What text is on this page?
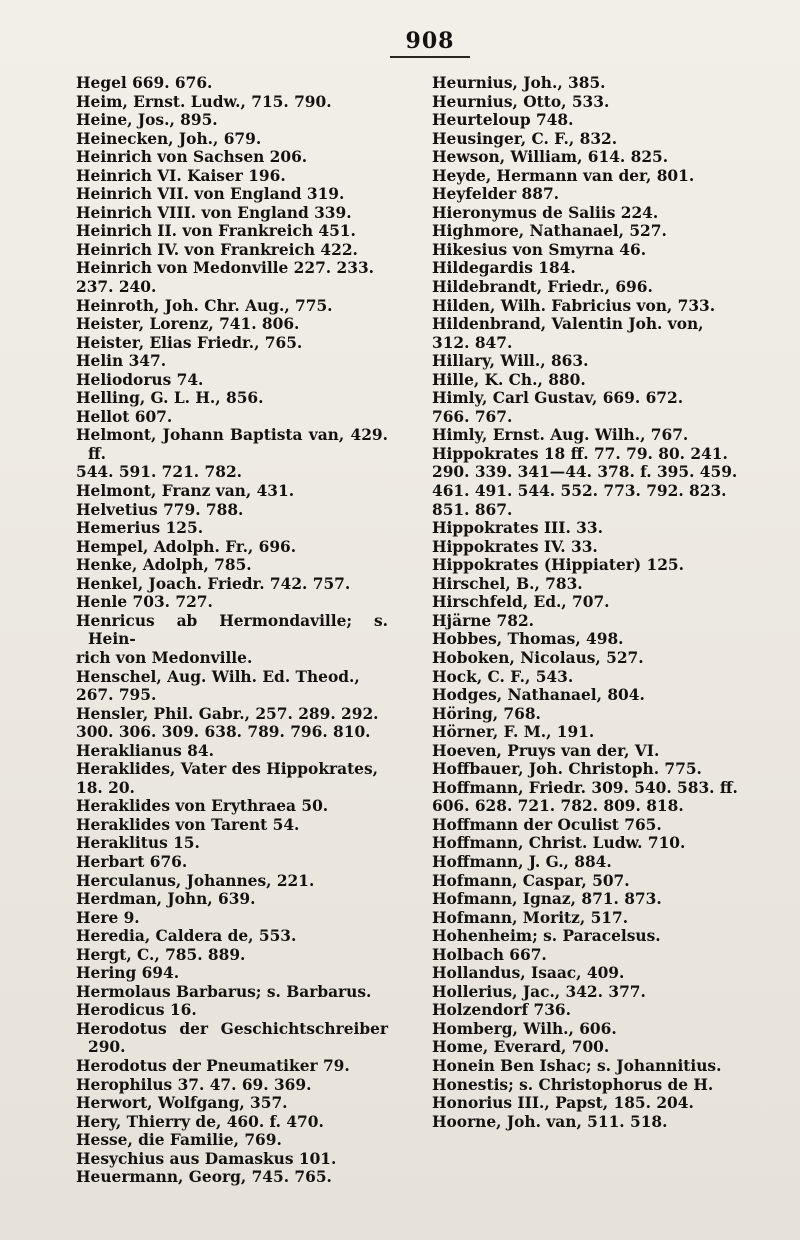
908
Hegel 669. 676.
Heim, Ernst. Ludw., 715. 790.
Heine, Jos., 895.
Heinecken, Joh., 679.
Heinrich von Sachsen 206.
Heinrich VI. Kaiser 196.
Heinrich VII. von England 319.
Heinrich VIII. von England 339.
Heinrich II. von Frankreich 451.
Heinrich IV. von Frankreich 422.
Heinrich von Medonville 227. 233.
237. 240.
Heinroth, Joh. Chr. Aug., 775.
Heister, Lorenz, 741. 806.
Heister, Elias Friedr., 765.
Helin 347.
Heliodorus 74.
Helling, G. L. H., 856.
Hellot 607.
Helmont, Johann Baptista van, 429. ff.
544. 591. 721. 782.
Helmont, Franz van, 431.
Helvetius 779. 788.
Hemerius 125.
Hempel, Adolph. Fr., 696.
Henke, Adolph, 785.
Henkel, Joach. Friedr. 742. 757.
Henle 703. 727.
Henricus ab Hermondaville; s. Hein-
rich von Medonville.
Henschel, Aug. Wilh. Ed. Theod.,
267. 795.
Hensler, Phil. Gabr., 257. 289. 292.
300. 306. 309. 638. 789. 796. 810.
Heraklianus 84.
Heraklides, Vater des Hippokrates,
18. 20.
Heraklides von Erythraea 50.
Heraklides von Tarent 54.
Heraklitus 15.
Herbart 676.
Herculanus, Johannes, 221.
Herdman, John, 639.
Here 9.
Heredia, Caldera de, 553.
Hergt, C., 785. 889.
Hering 694.
Hermolaus Barbarus; s. Barbarus.
Herodicus 16.
Herodotus der Geschichtschreiber 290.
Herodotus der Pneumatiker 79.
Herophilus 37. 47. 69. 369.
Herwort, Wolfgang, 357.
Hery, Thierry de, 460. f. 470.
Hesse, die Familie, 769.
Hesychius aus Damaskus 101.
Heuermann, Georg, 745. 765.
Heurnius, Joh., 385.
Heurnius, Otto, 533.
Heurteloup 748.
Heusinger, C. F., 832.
Hewson, William, 614. 825.
Heyde, Hermann van der, 801.
Heyfelder 887.
Hieronymus de Saliis 224.
Highmore, Nathanael, 527.
Hikesius von Smyrna 46.
Hildegardis 184.
Hildebrandt, Friedr., 696.
Hilden, Wilh. Fabricius von, 733.
Hildenbrand, Valentin Joh. von,
312. 847.
Hillary, Will., 863.
Hille, K. Ch., 880.
Himly, Carl Gustav, 669. 672.
766. 767.
Himly, Ernst. Aug. Wilh., 767.
Hippokrates 18 ff. 77. 79. 80. 241.
290. 339. 341—44. 378. f. 395. 459.
461. 491. 544. 552. 773. 792. 823.
851. 867.
Hippokrates III. 33.
Hippokrates IV. 33.
Hippokrates (Hippiater) 125.
Hirschel, B., 783.
Hirschfeld, Ed., 707.
Hjärne 782.
Hobbes, Thomas, 498.
Hoboken, Nicolaus, 527.
Hock, C. F., 543.
Hodges, Nathanael, 804.
Höring, 768.
Hörner, F. M., 191.
Hoeven, Pruys van der, VI.
Hoffbauer, Joh. Christoph. 775.
Hoffmann, Friedr. 309. 540. 583. ff.
606. 628. 721. 782. 809. 818.
Hoffmann der Oculist 765.
Hoffmann, Christ. Ludw. 710.
Hoffmann, J. G., 884.
Hofmann, Caspar, 507.
Hofmann, Ignaz, 871. 873.
Hofmann, Moritz, 517.
Hohenheim; s. Paracelsus.
Holbach 667.
Hollandus, Isaac, 409.
Hollerius, Jac., 342. 377.
Holzendorf 736.
Homberg, Wilh., 606.
Home, Everard, 700.
Honein Ben Ishac; s. Johannitius.
Honestis; s. Christophorus de H.
Honorius III., Papst, 185. 204.
Hoorne, Joh. van, 511. 518.
